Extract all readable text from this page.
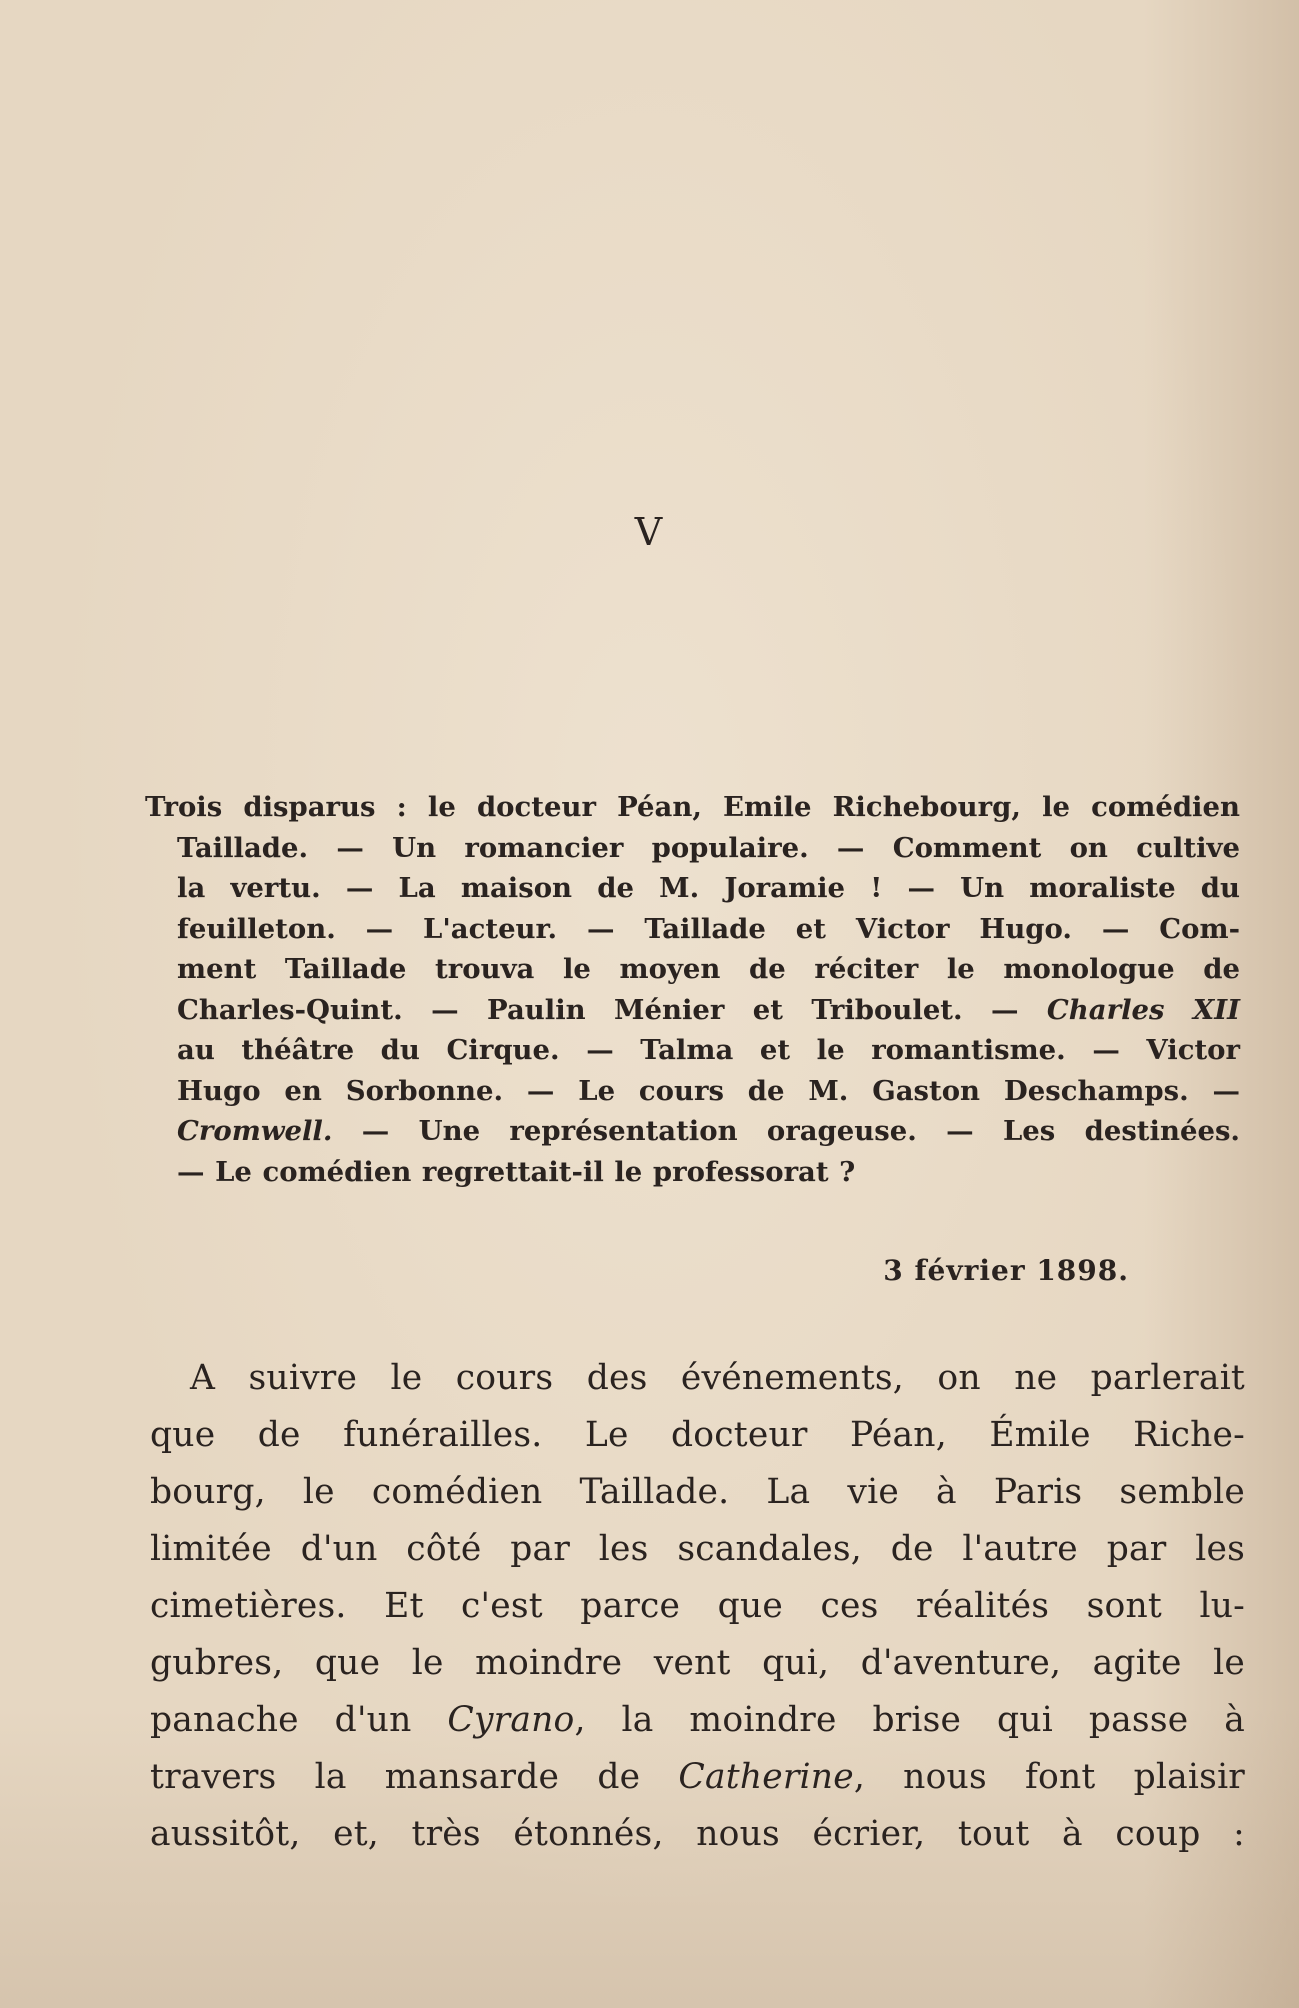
V
Trois disparus : le docteur Péan, Emile Richebourg, le comédien
Taillade. — Un romancier populaire. — Comment on cultive
la vertu. — La maison de M. Joramie ! — Un moraliste du
feuilleton. — L'acteur. — Taillade et Victor Hugo. — Com-
ment Taillade trouva le moyen de réciter le monologue de
Charles-Quint. — Paulin Ménier et Triboulet. — Charles XII
au théâtre du Cirque. — Talma et le romantisme. — Victor
Hugo en Sorbonne. — Le cours de M. Gaston Deschamps. —
Cromwell. — Une représentation orageuse. — Les destinées.
— Le comédien regrettait-il le professorat ?
3 février 1898.
A suivre le cours des événements, on ne parlerait
que de funérailles. Le docteur Péan, Émile Riche-
bourg, le comédien Taillade. La vie à Paris semble
limitée d'un côté par les scandales, de l'autre par les
cimetières. Et c'est parce que ces réalités sont lu-
gubres, que le moindre vent qui, d'aventure, agite le
panache d'un Cyrano, la moindre brise qui passe à
travers la mansarde de Catherine, nous font plaisir
aussitôt, et, très étonnés, nous écrier, tout à coup :
